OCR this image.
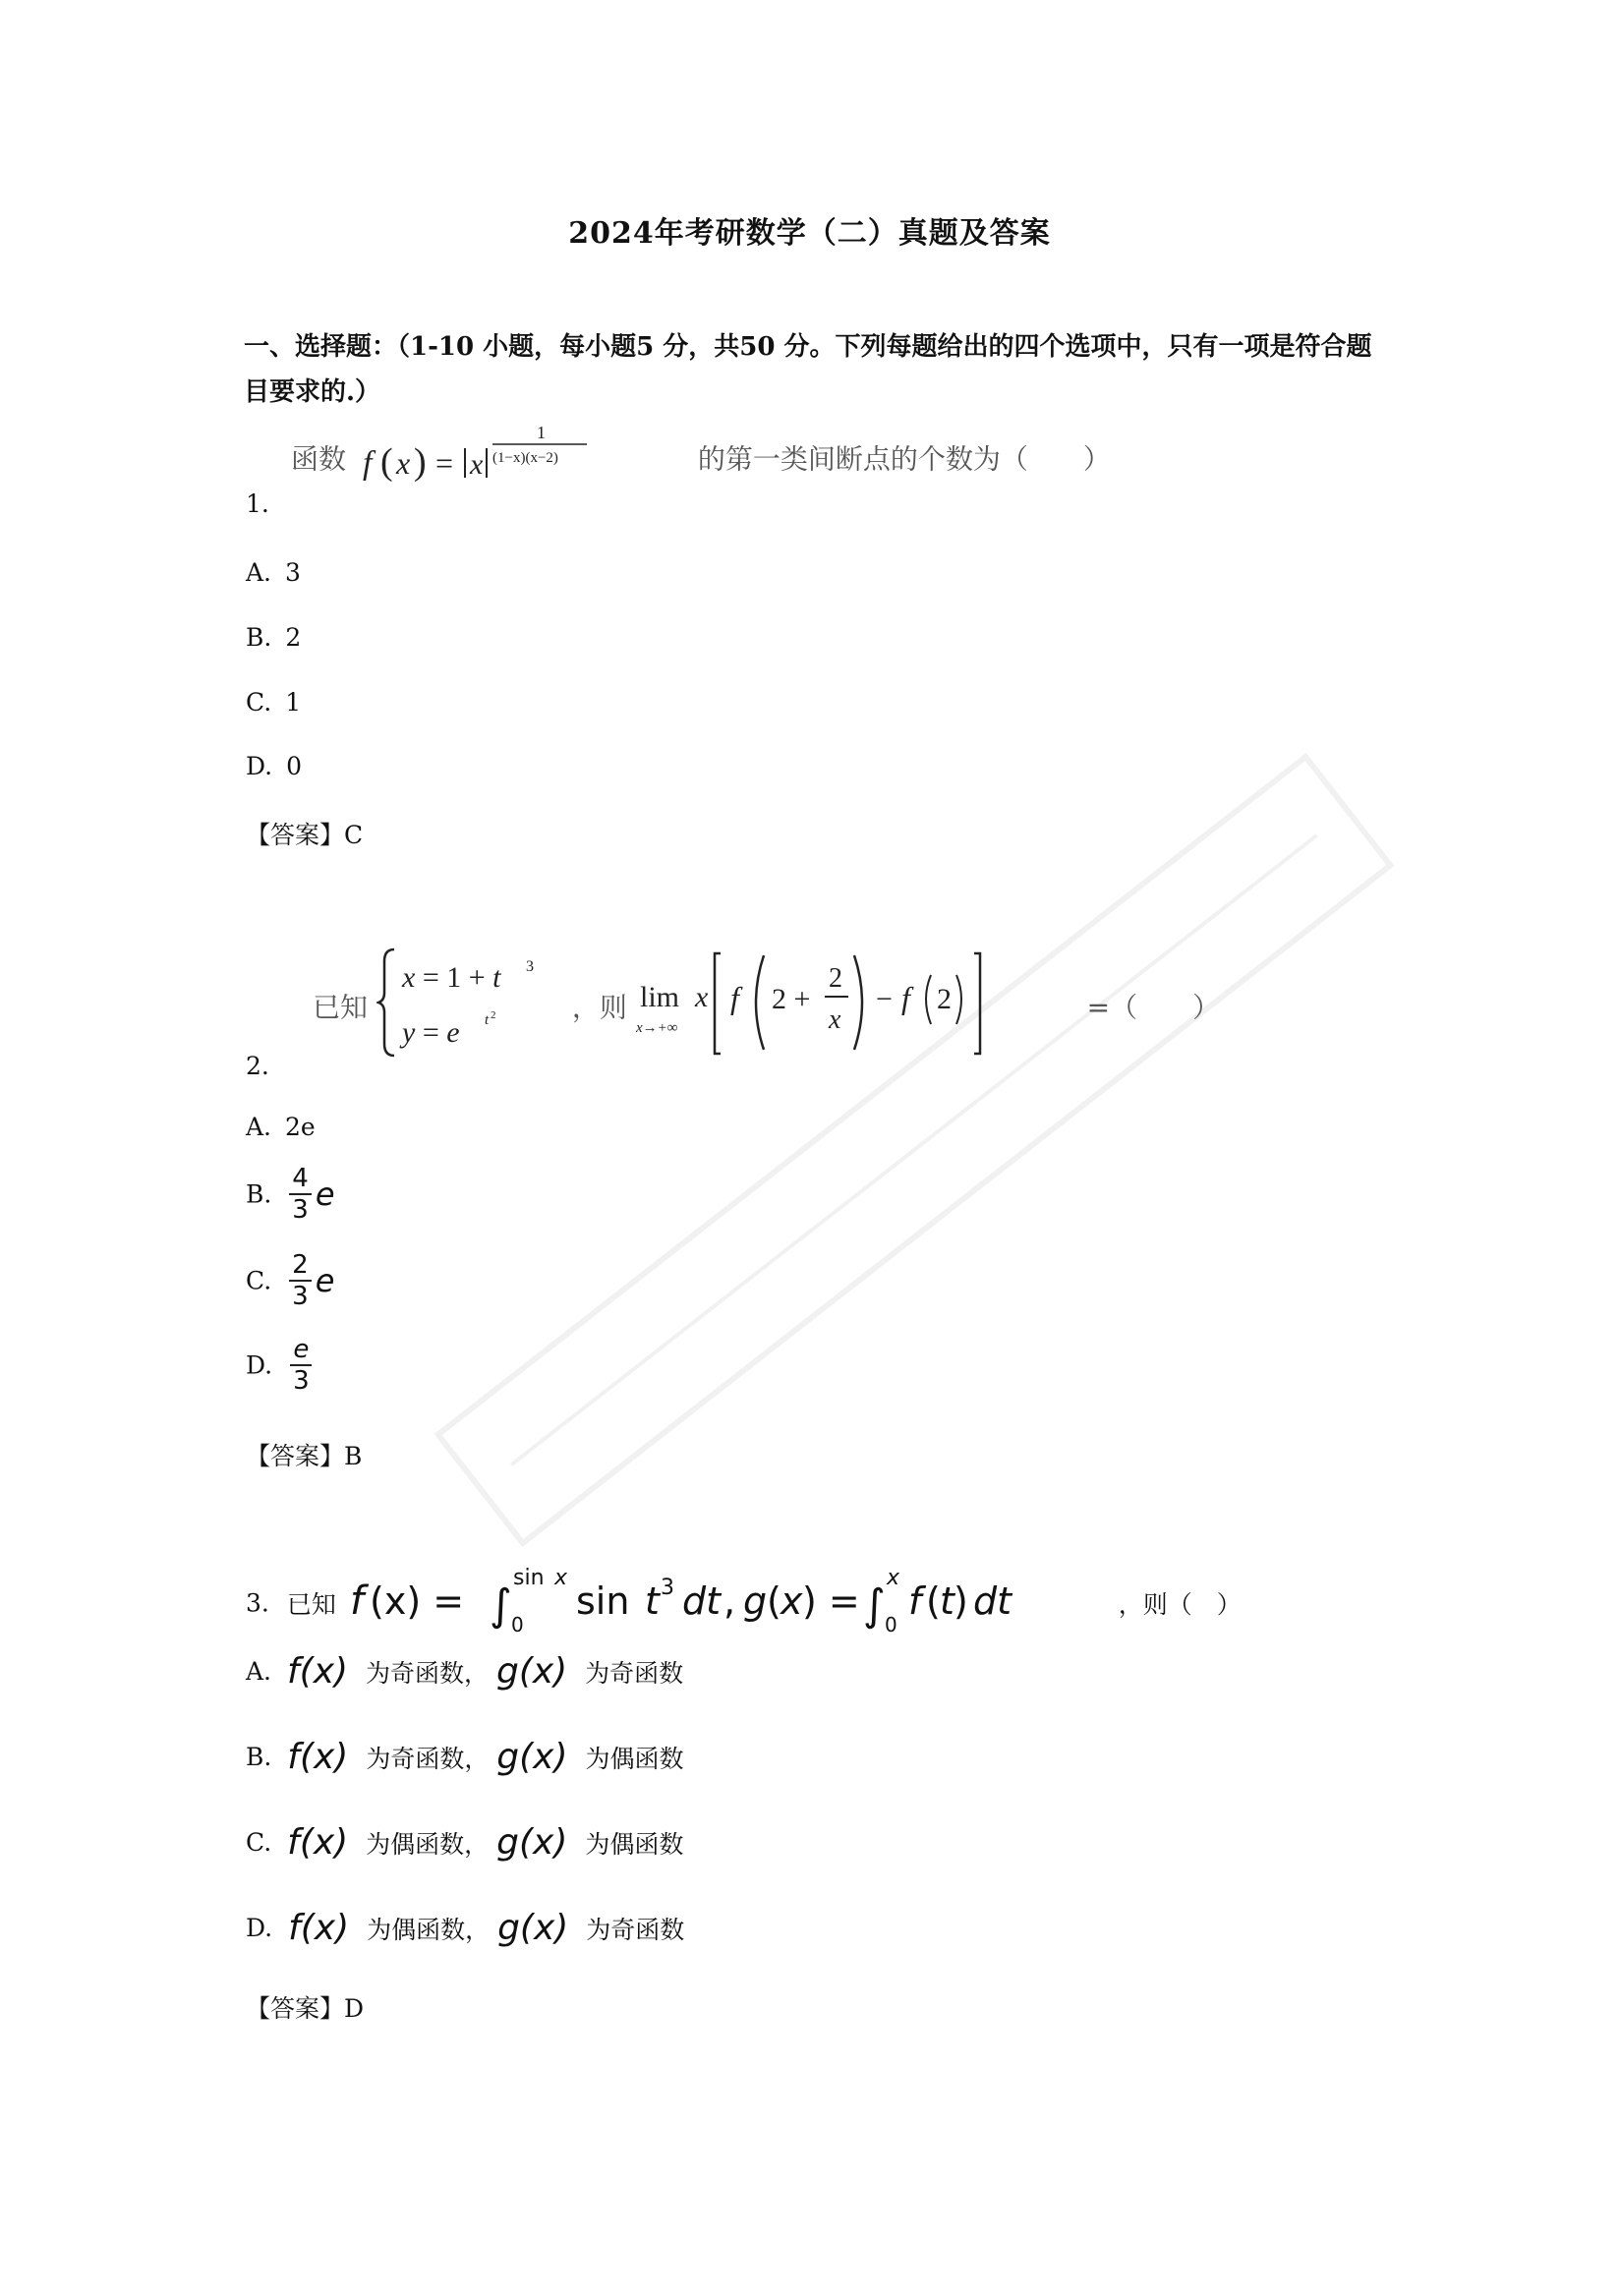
2024年考研数学（二）真题及答案
一、选择题：（1-10 小题，每小题5 分，共50 分。下列每题给出的四个选项中，只有一项是符合题目要求的.）
函数 f ( x ) = x
1
(1−x)(x−2)	的第一类间断点的个数为（　　）
1.
A. 3
B. 2
C. 1
D. 0
【答案】C
已知
x = 1 + t 3
y = e t 2	，则 lim
x→+∞
x f 2 +
2
x
− f 2	=（　　）
2.
A. 2e
B. $\frac{4}{3}$ e
C. $\frac{2}{3}$ e
D. $\frac{e}{3}$
【答案】B
3. 已知 f (x) = ∫ 0
sin x
sin t 3 dt , g ( x ) = ∫ 0
x
f ( t ) dt	，则（　）
A. f(x) 为奇函数， g(x) 为奇函数
B. f(x) 为奇函数， g(x) 为偶函数
C. f(x) 为偶函数， g(x) 为偶函数
D. f(x) 为偶函数， g(x) 为奇函数
【答案】D
